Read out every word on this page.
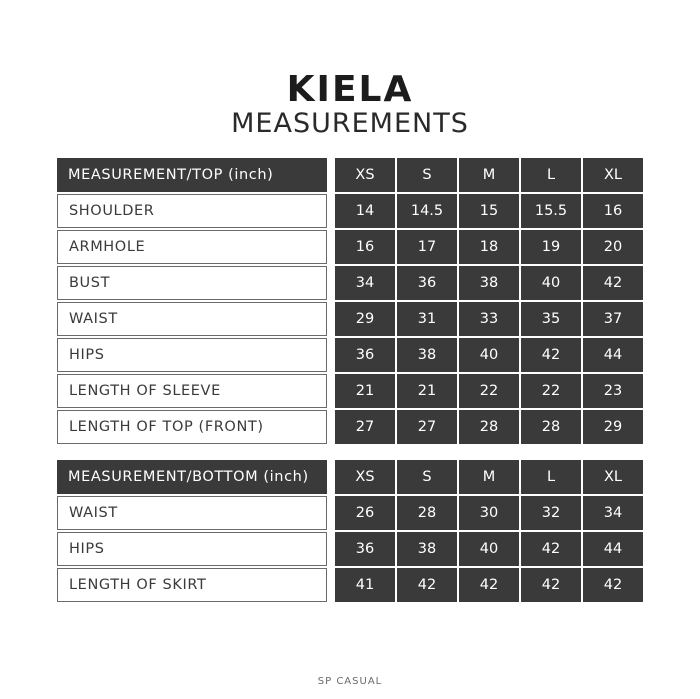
KIELA
MEASUREMENTS
MEASUREMENT/TOP (inch)	XS	S	M	L	XL
SHOULDER	14	14.5	15	15.5	16
ARMHOLE	16	17	18	19	20
BUST	34	36	38	40	42
WAIST	29	31	33	35	37
HIPS	36	38	40	42	44
LENGTH OF SLEEVE	21	21	22	22	23
LENGTH OF TOP (FRONT)	27	27	28	28	29
MEASUREMENT/BOTTOM (inch)	XS	S	M	L	XL
WAIST	26	28	30	32	34
HIPS	36	38	40	42	44
LENGTH OF SKIRT	41	42	42	42	42
SP CASUAL
